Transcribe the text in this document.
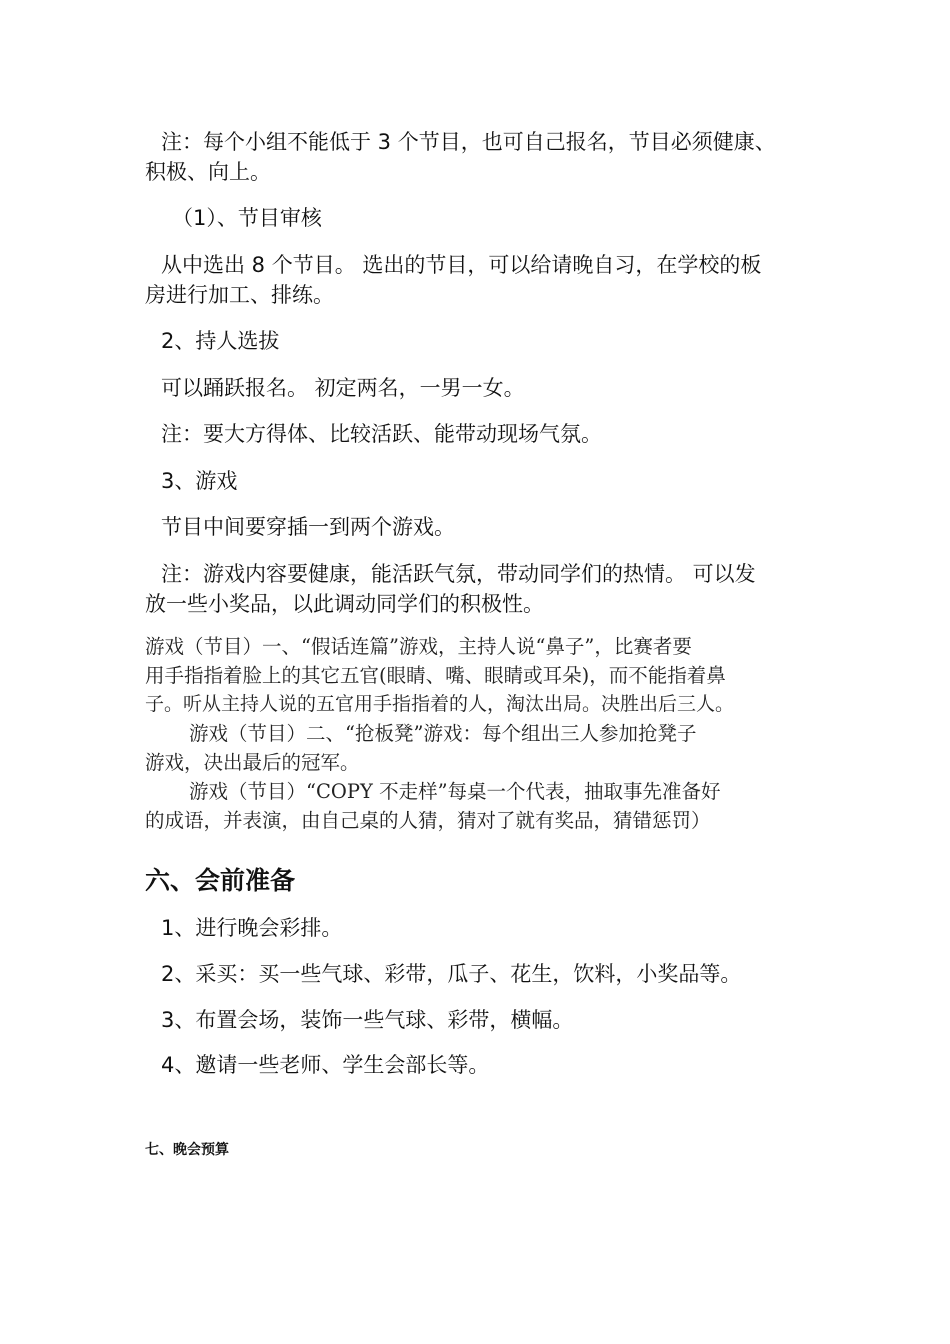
注：每个小组不能低于 3 个节目，也可自己报名，节目必须健康、
积极、向上。
（1）、节目审核
从中选出 8 个节目。 选出的节目，可以给请晚自习，在学校的板
房进行加工、排练。
2、持人选拔
可以踊跃报名。 初定两名，一男一女。
注：要大方得体、比较活跃、能带动现场气氛。
3、游戏
节目中间要穿插一到两个游戏。
注：游戏内容要健康，能活跃气氛，带动同学们的热情。 可以发
放一些小奖品，以此调动同学们的积极性。
游戏（节目）一、“假话连篇”游戏，主持人说“鼻子”，比赛者要
用手指指着脸上的其它五官(眼睛、嘴、眼睛或耳朵)，而不能指着鼻
子。听从主持人说的五官用手指指着的人，淘汰出局。决胜出后三人。
游戏（节目）二、“抢板凳”游戏：每个组出三人参加抢凳子
游戏，决出最后的冠军。
游戏（节目）“COPY 不走样”每桌一个代表，抽取事先准备好
的成语，并表演，由自己桌的人猜，猜对了就有奖品，猜错惩罚）
六、会前准备
1、进行晚会彩排。
2、采买：买一些气球、彩带，瓜子、花生，饮料，小奖品等。
3、布置会场，装饰一些气球、彩带，横幅。
4、邀请一些老师、学生会部长等。
七、晚会预算
